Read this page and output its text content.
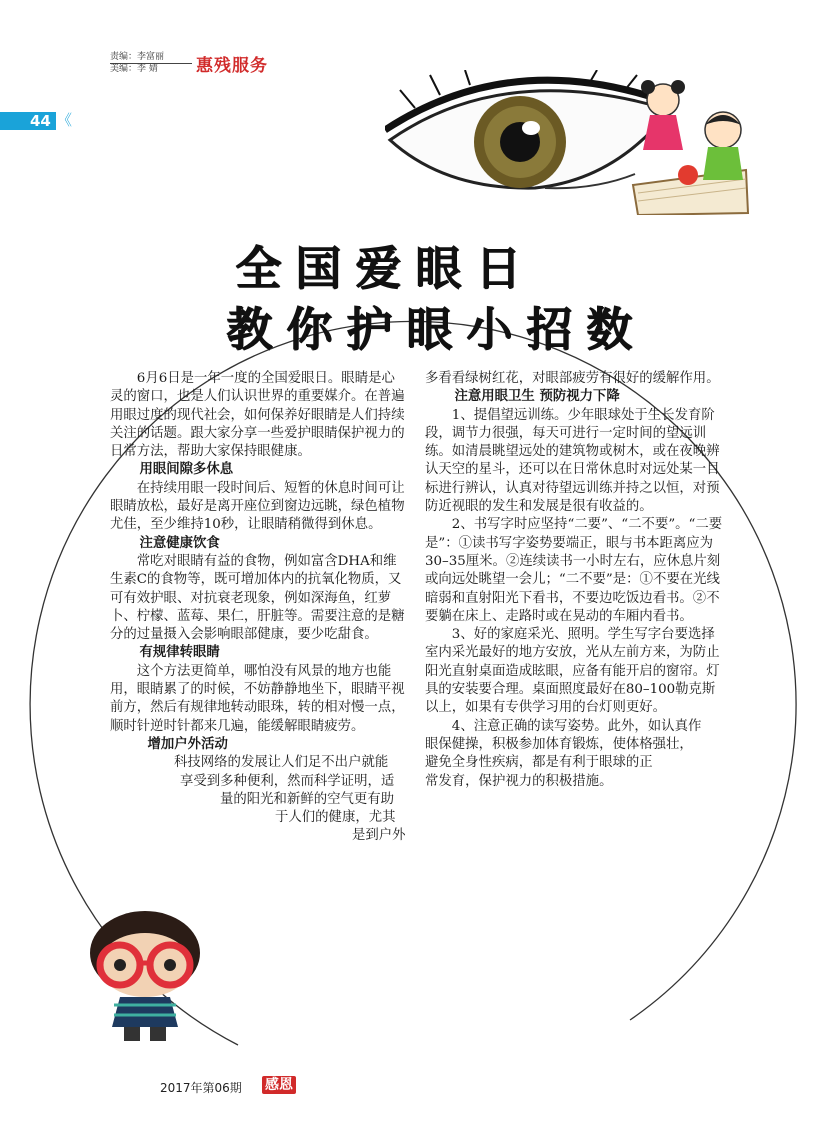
责编：李富丽

美编：李 婧	惠残服务
44 《
全国爱眼日
教你护眼小招数

6月6日是一年一度的全国爱眼日。眼睛是心灵的窗口，也是人们认识世界的重要媒介。在普遍用眼过度的现代社会，如何保养好眼睛是人们持续关注的话题。跟大家分享一些爱护眼睛保护视力的日常方法，帮助大家保持眼健康。

用眼间隙多休息

在持续用眼一段时间后、短暂的休息时间可让眼睛放松，最好是离开座位到窗边远眺，绿色植物尤佳，至少维持10秒，让眼睛稍微得到休息。

注意健康饮食

常吃对眼睛有益的食物，例如富含DHA和维生素C的食物等，既可增加体内的抗氧化物质，又可有效护眼、对抗衰老现象，例如深海鱼，红萝卜、柠檬、蓝莓、果仁，肝脏等。需要注意的是糖分的过量摄入会影响眼部健康，要少吃甜食。

有规律转眼睛

这个方法更简单，哪怕没有风景的地方也能用，眼睛累了的时候，不妨静静地坐下，眼睛平视前方，然后有规律地转动眼珠，转的相对慢一点，顺时针逆时针都来几遍，能缓解眼睛疲劳。

增加户外活动

科技网络的发展让人们足不出户就能

享受到多种便利，然而科学证明，适

量的阳光和新鲜的空气更有助

于人们的健康，尤其

是到户外

多看看绿树红花，对眼部疲劳有很好的缓解作用。

注意用眼卫生 预防视力下降

1、提倡望远训练。少年眼球处于生长发育阶段，调节力很强，每天可进行一定时间的望远训练。如清晨眺望远处的建筑物或树木，或在夜晚辨认天空的星斗，还可以在日常休息时对远处某一目标进行辨认，认真对待望远训练并持之以恒，对预防近视眼的发生和发展是很有收益的。

2、书写字时应坚持“二要”、“二不要”。“二要是”：①读书写字姿势要端正，眼与书本距离应为30–35厘米。②连续读书一小时左右，应休息片刻或向远处眺望一会儿；“二不要”是：①不要在光线暗弱和直射阳光下看书，不要边吃饭边看书。②不要躺在床上、走路时或在晃动的车厢内看书。

3、好的家庭采光、照明。学生写字台要选择室内采光最好的地方安放，光从左前方来，为防止阳光直射桌面造成眩眼，应备有能开启的窗帘。灯具的安装要合理。桌面照度最好在80–100勒克斯以上，如果有专供学习用的台灯则更好。

4、注意正确的读写姿势。此外，如认真作

眼保健操，积极参加体育锻炼，使体格强壮，

避免全身性疾病，都是有利于眼球的正

常发育，保护视力的积极措施。

2017年第06期 感恩
